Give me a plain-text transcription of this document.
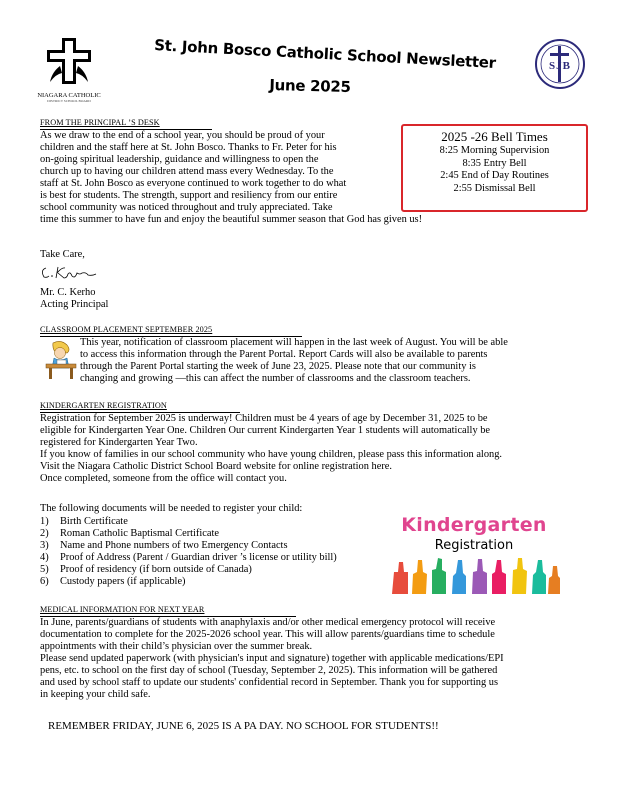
NIAGARA CATHOLIC
DISTRICT SCHOOL BOARD
St. John Bosco Catholic School Newsletter
June 2025
SJB
FROM THE PRINCIPAL ’S DESK
As we draw to the end of a school year, you should be proud of your
children and the staff here at St. John Bosco. Thanks to Fr. Peter for his
on-going spiritual leadership, guidance and willingness to open the
church up to having our children attend mass every Wednesday. To the
staff at St. John Bosco as everyone continued to work together to do what
is best for students. The strength, support and resiliency from our entire
school community was noticed throughout and truly appreciated. Take
time this summer to have fun and enjoy the beautiful summer season that God has given us!
2025 -26 Bell Times
8:25 Morning Supervision
8:35 Entry Bell
2:45 End of Day Routines
2:55 Dismissal Bell
Take Care,
Mr. C. Kerho
Acting Principal
CLASSROOM PLACEMENT SEPTEMBER 2025
This year, notification of classroom placement will happen in the last week of August. You will be able
to access this information through the Parent Portal. Report Cards will also be available to parents
through the Parent Portal starting the week of June 23, 2025. Please note that our community is
changing and growing —this can affect the number of classrooms and the classroom teachers.
KINDERGARTEN REGISTRATION
Registration for September 2025 is underway! Children must be 4 years of age by December 31, 2025 to be
eligible for Kindergarten Year One. Children Our current Kindergarten Year 1 students will automatically be
registered for Kindergarten Year Two.
If you know of families in our school community who have young children, please pass this information along.
Visit the Niagara Catholic District School Board website for online registration here.
Once completed, someone from the office will contact you.
The following documents will be needed to register your child:
1) Birth Certificate
2) Roman Catholic Baptismal Certificate
3) Name and Phone numbers of two Emergency Contacts
4) Proof of Address (Parent / Guardian driver ’s license or utility bill)
5) Proof of residency (if born outside of Canada)
6) Custody papers (if applicable)
Kindergarten
Registration
MEDICAL INFORMATION FOR NEXT YEAR
In June, parents/guardians of students with anaphylaxis and/or other medical emergency protocol will receive
documentation to complete for the 2025-2026 school year. This will allow parents/guardians time to schedule
appointments with their child’s physician over the summer break.
Please send updated paperwork (with physician's input and signature) together with applicable medications/EPI
pens, etc. to school on the first day of school (Tuesday, September 2, 2025). This information will be gathered
and used by school staff to update our students' confidential record in September. Thank you for supporting us
in keeping your child safe.
REMEMBER FRIDAY, JUNE 6, 2025 IS A PA DAY. NO SCHOOL FOR STUDENTS!!
